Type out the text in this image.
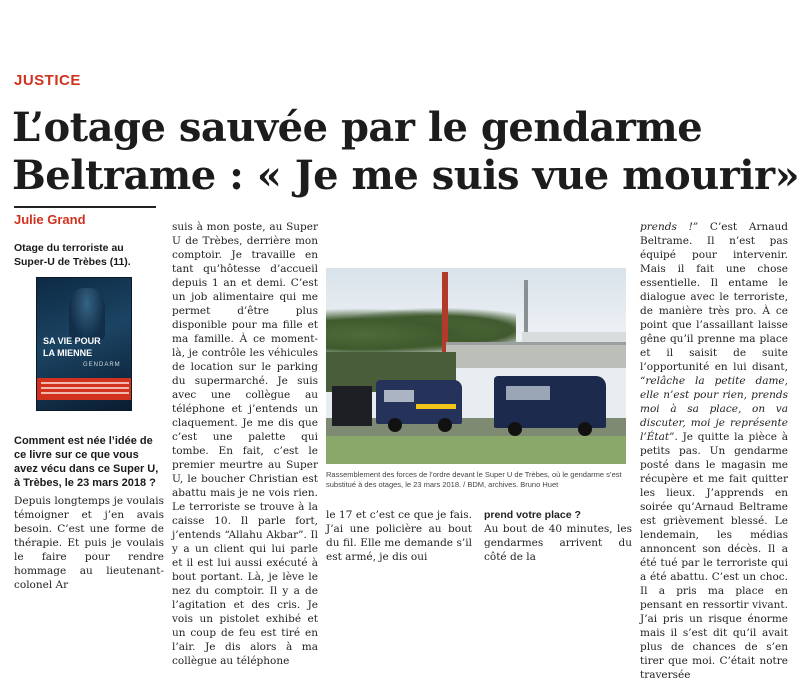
JUSTICE
L’otage sauvée par le gendarme
Beltrame : « Je me suis vue mourir»
Julie Grand
Otage du terroriste au Super-U de Trèbes (11).
SA VIE POUR
LA MIENNE
GENDARM
Comment est née l’idée de ce livre sur ce que vous avez vécu dans ce Super U, à Trèbes, le 23 mars 2018 ?
Depuis longtemps je voulais témoigner et j’en avais besoin. C’est une forme de thérapie. Et puis je voulais le faire pour rendre hommage au lieutenant-colonel Ar
suis à mon poste, au Super U de Trèbes, derrière mon comptoir. Je travaille en tant qu’hôtesse d’accueil depuis 1 an et demi. C’est un job alimentaire qui me permet d’être plus disponible pour ma fille et ma famille. À ce moment-là, je contrôle les véhicules de location sur le parking du supermarché. Je suis avec une collègue au téléphone et j’entends un claquement. Je me dis que c’est une palette qui tombe. En fait, c’est le premier meurtre au Super U, le boucher Christian est abattu mais je ne vois rien. Le terroriste se trouve à la caisse 10. Il parle fort, j’entends “Allahu Akbar”. Il y a un client qui lui parle et il est lui aussi exécuté à bout portant. Là, je lève le nez du comptoir. Il y a de l’agitation et des cris. Je vois un pistolet exhibé et un coup de feu est tiré en l’air. Je dis alors à ma collègue au téléphone
Rassemblement des forces de l’ordre devant le Super U de Trèbes, où le gendarme s’est substitué à des otages, le 23 mars 2018. / BDM, archives. Bruno Huet
le 17 et c’est ce que je fais. J’ai une policière au bout du fil. Elle me demande s’il est armé, je dis oui
prend votre place ?
Au bout de 40 minutes, les gendarmes arrivent du côté de la
prends !” C’est Arnaud Beltrame. Il n’est pas équipé pour intervenir. Mais il fait une chose essentielle. Il entame le dialogue avec le terroriste, de manière très pro. À ce point que l’assaillant laisse gêne qu’il prenne ma place et il saisit de suite l’opportunité en lui disant, “relâche la petite dame, elle n’est pour rien, prends moi à sa place, on va discuter, moi je représente l’État”. Je quitte la pièce à petits pas. Un gendarme posté dans le magasin me récupère et me fait quitter les lieux. J’apprends en soirée qu’Arnaud Beltrame est grièvement blessé. Le lendemain, les médias annoncent son décès. Il a été tué par le terroriste qui a été abattu. C’est un choc. Il a pris ma place en pensant en ressortir vivant. J’ai pris un risque énorme mais il s’est dit qu’il avait plus de chances de s’en tirer que moi. C’était notre traversée
